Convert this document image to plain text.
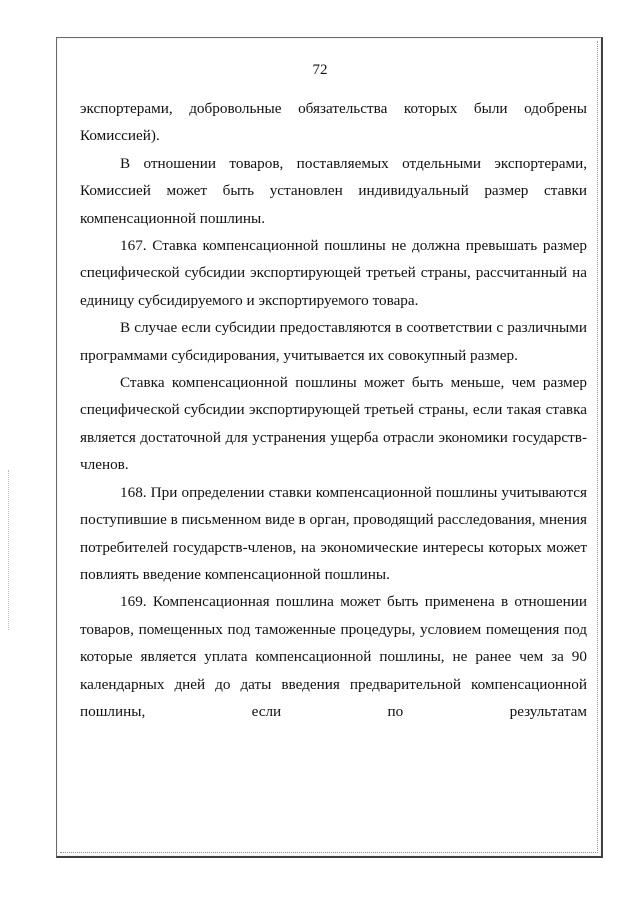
72

экспортерами, добровольные обязательства которых были одобрены Комиссией).

В отношении товаров, поставляемых отдельными экспортерами, Комиссией может быть установлен индивидуальный размер ставки компенсационной пошлины.

167. Ставка компенсационной пошлины не должна превышать размер специфической субсидии экспортирующей третьей страны, рассчитанный на единицу субсидируемого и экспортируемого товара.

В случае если субсидии предоставляются в соответствии с различными программами субсидирования, учитывается их совокупный размер.

Ставка компенсационной пошлины может быть меньше, чем размер специфической субсидии экспортирующей третьей страны, если такая ставка является достаточной для устранения ущерба отрасли экономики государств-членов.

168. При определении ставки компенсационной пошлины учитываются поступившие в письменном виде в орган, проводящий расследования, мнения потребителей государств-членов, на экономические интересы которых может повлиять введение компенсационной пошлины.

169. Компенсационная пошлина может быть применена в отношении товаров, помещенных под таможенные процедуры, условием помещения под которые является уплата компенсационной пошлины, не ранее чем за 90 календарных дней до даты введения предварительной компенсационной пошлины, если по результатам
